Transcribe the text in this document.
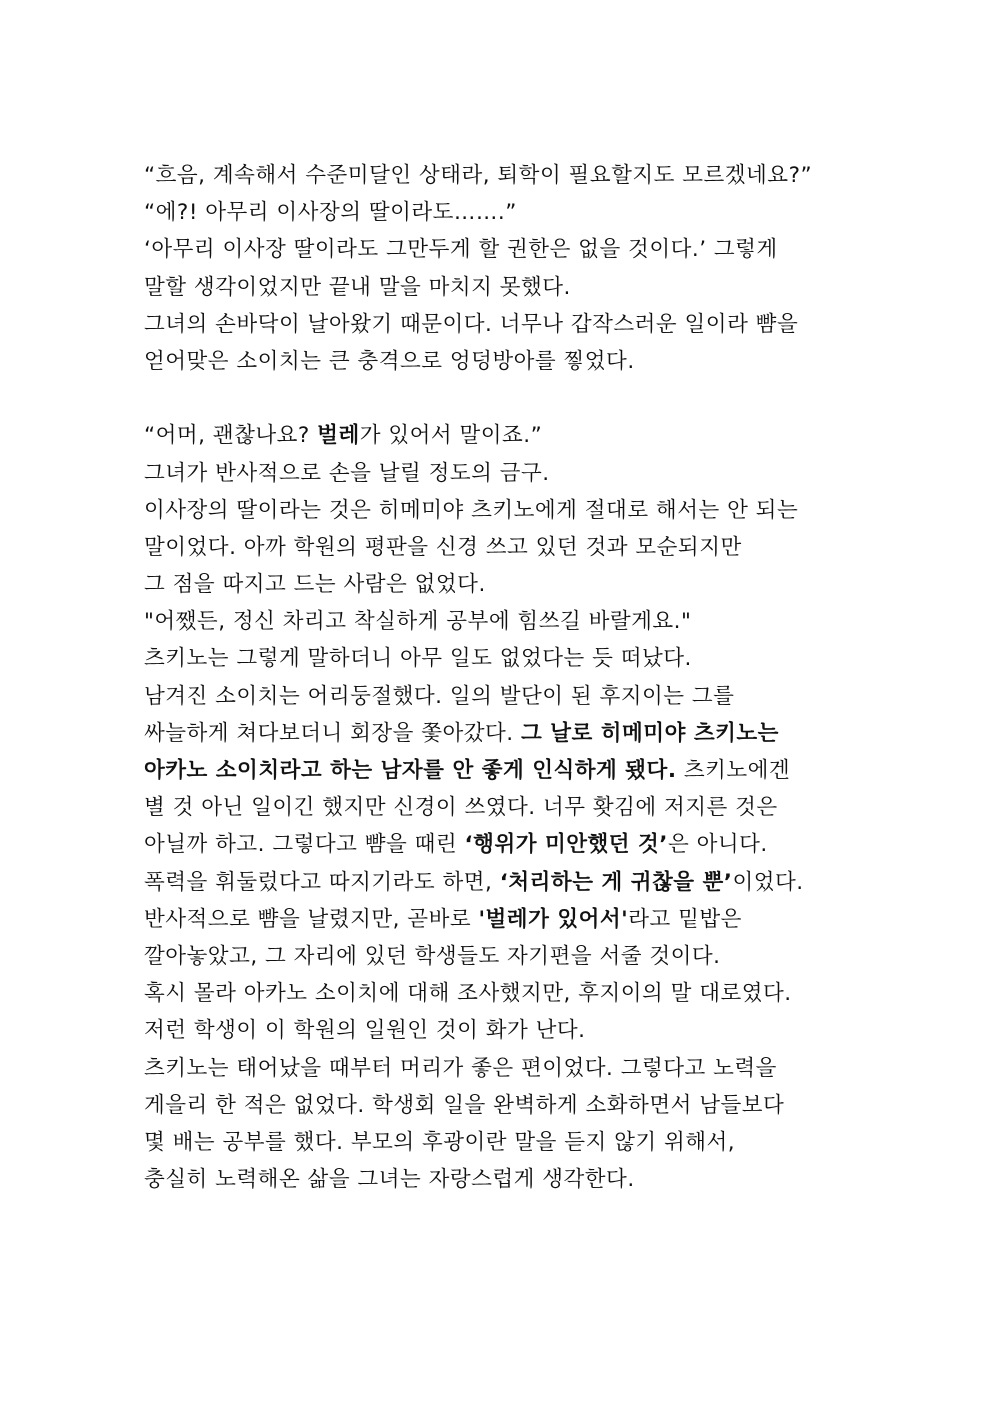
“흐음, 계속해서 수준미달인 상태라, 퇴학이 필요할지도 모르겠네요?”
“에?! 아무리 이사장의 딸이라도…….”
‘아무리 이사장 딸이라도 그만두게 할 권한은 없을 것이다.’ 그렇게
말할 생각이었지만 끝내 말을 마치지 못했다.
그녀의 손바닥이 날아왔기 때문이다. 너무나 갑작스러운 일이라 뺨을
얻어맞은 소이치는 큰 충격으로 엉덩방아를 찧었다.
“어머, 괜찮나요? 벌레가 있어서 말이죠.”
그녀가 반사적으로 손을 날릴 정도의 금구.
이사장의 딸이라는 것은 히메미야 츠키노에게 절대로 해서는 안 되는
말이었다. 아까 학원의 평판을 신경 쓰고 있던 것과 모순되지만
그 점을 따지고 드는 사람은 없었다.
"어쨌든, 정신 차리고 착실하게 공부에 힘쓰길 바랄게요."
츠키노는 그렇게 말하더니 아무 일도 없었다는 듯 떠났다.
남겨진 소이치는 어리둥절했다. 일의 발단이 된 후지이는 그를
싸늘하게 쳐다보더니 회장을 쫓아갔다. 그 날로 히메미야 츠키노는
아카노 소이치라고 하는 남자를 안 좋게 인식하게 됐다. 츠키노에겐
별 것 아닌 일이긴 했지만 신경이 쓰였다. 너무 홧김에 저지른 것은
아닐까 하고. 그렇다고 뺨을 때린 ‘행위가 미안했던 것’은 아니다.
폭력을 휘둘렀다고 따지기라도 하면, ‘처리하는 게 귀찮을 뿐’이었다.
반사적으로 뺨을 날렸지만, 곧바로 '벌레가 있어서'라고 밑밥은
깔아놓았고, 그 자리에 있던 학생들도 자기편을 서줄 것이다.
혹시 몰라 아카노 소이치에 대해 조사했지만, 후지이의 말 대로였다.
저런 학생이 이 학원의 일원인 것이 화가 난다.
츠키노는 태어났을 때부터 머리가 좋은 편이었다. 그렇다고 노력을
게을리 한 적은 없었다. 학생회 일을 완벽하게 소화하면서 남들보다
몇 배는 공부를 했다. 부모의 후광이란 말을 듣지 않기 위해서,
충실히 노력해온 삶을 그녀는 자랑스럽게 생각한다.
